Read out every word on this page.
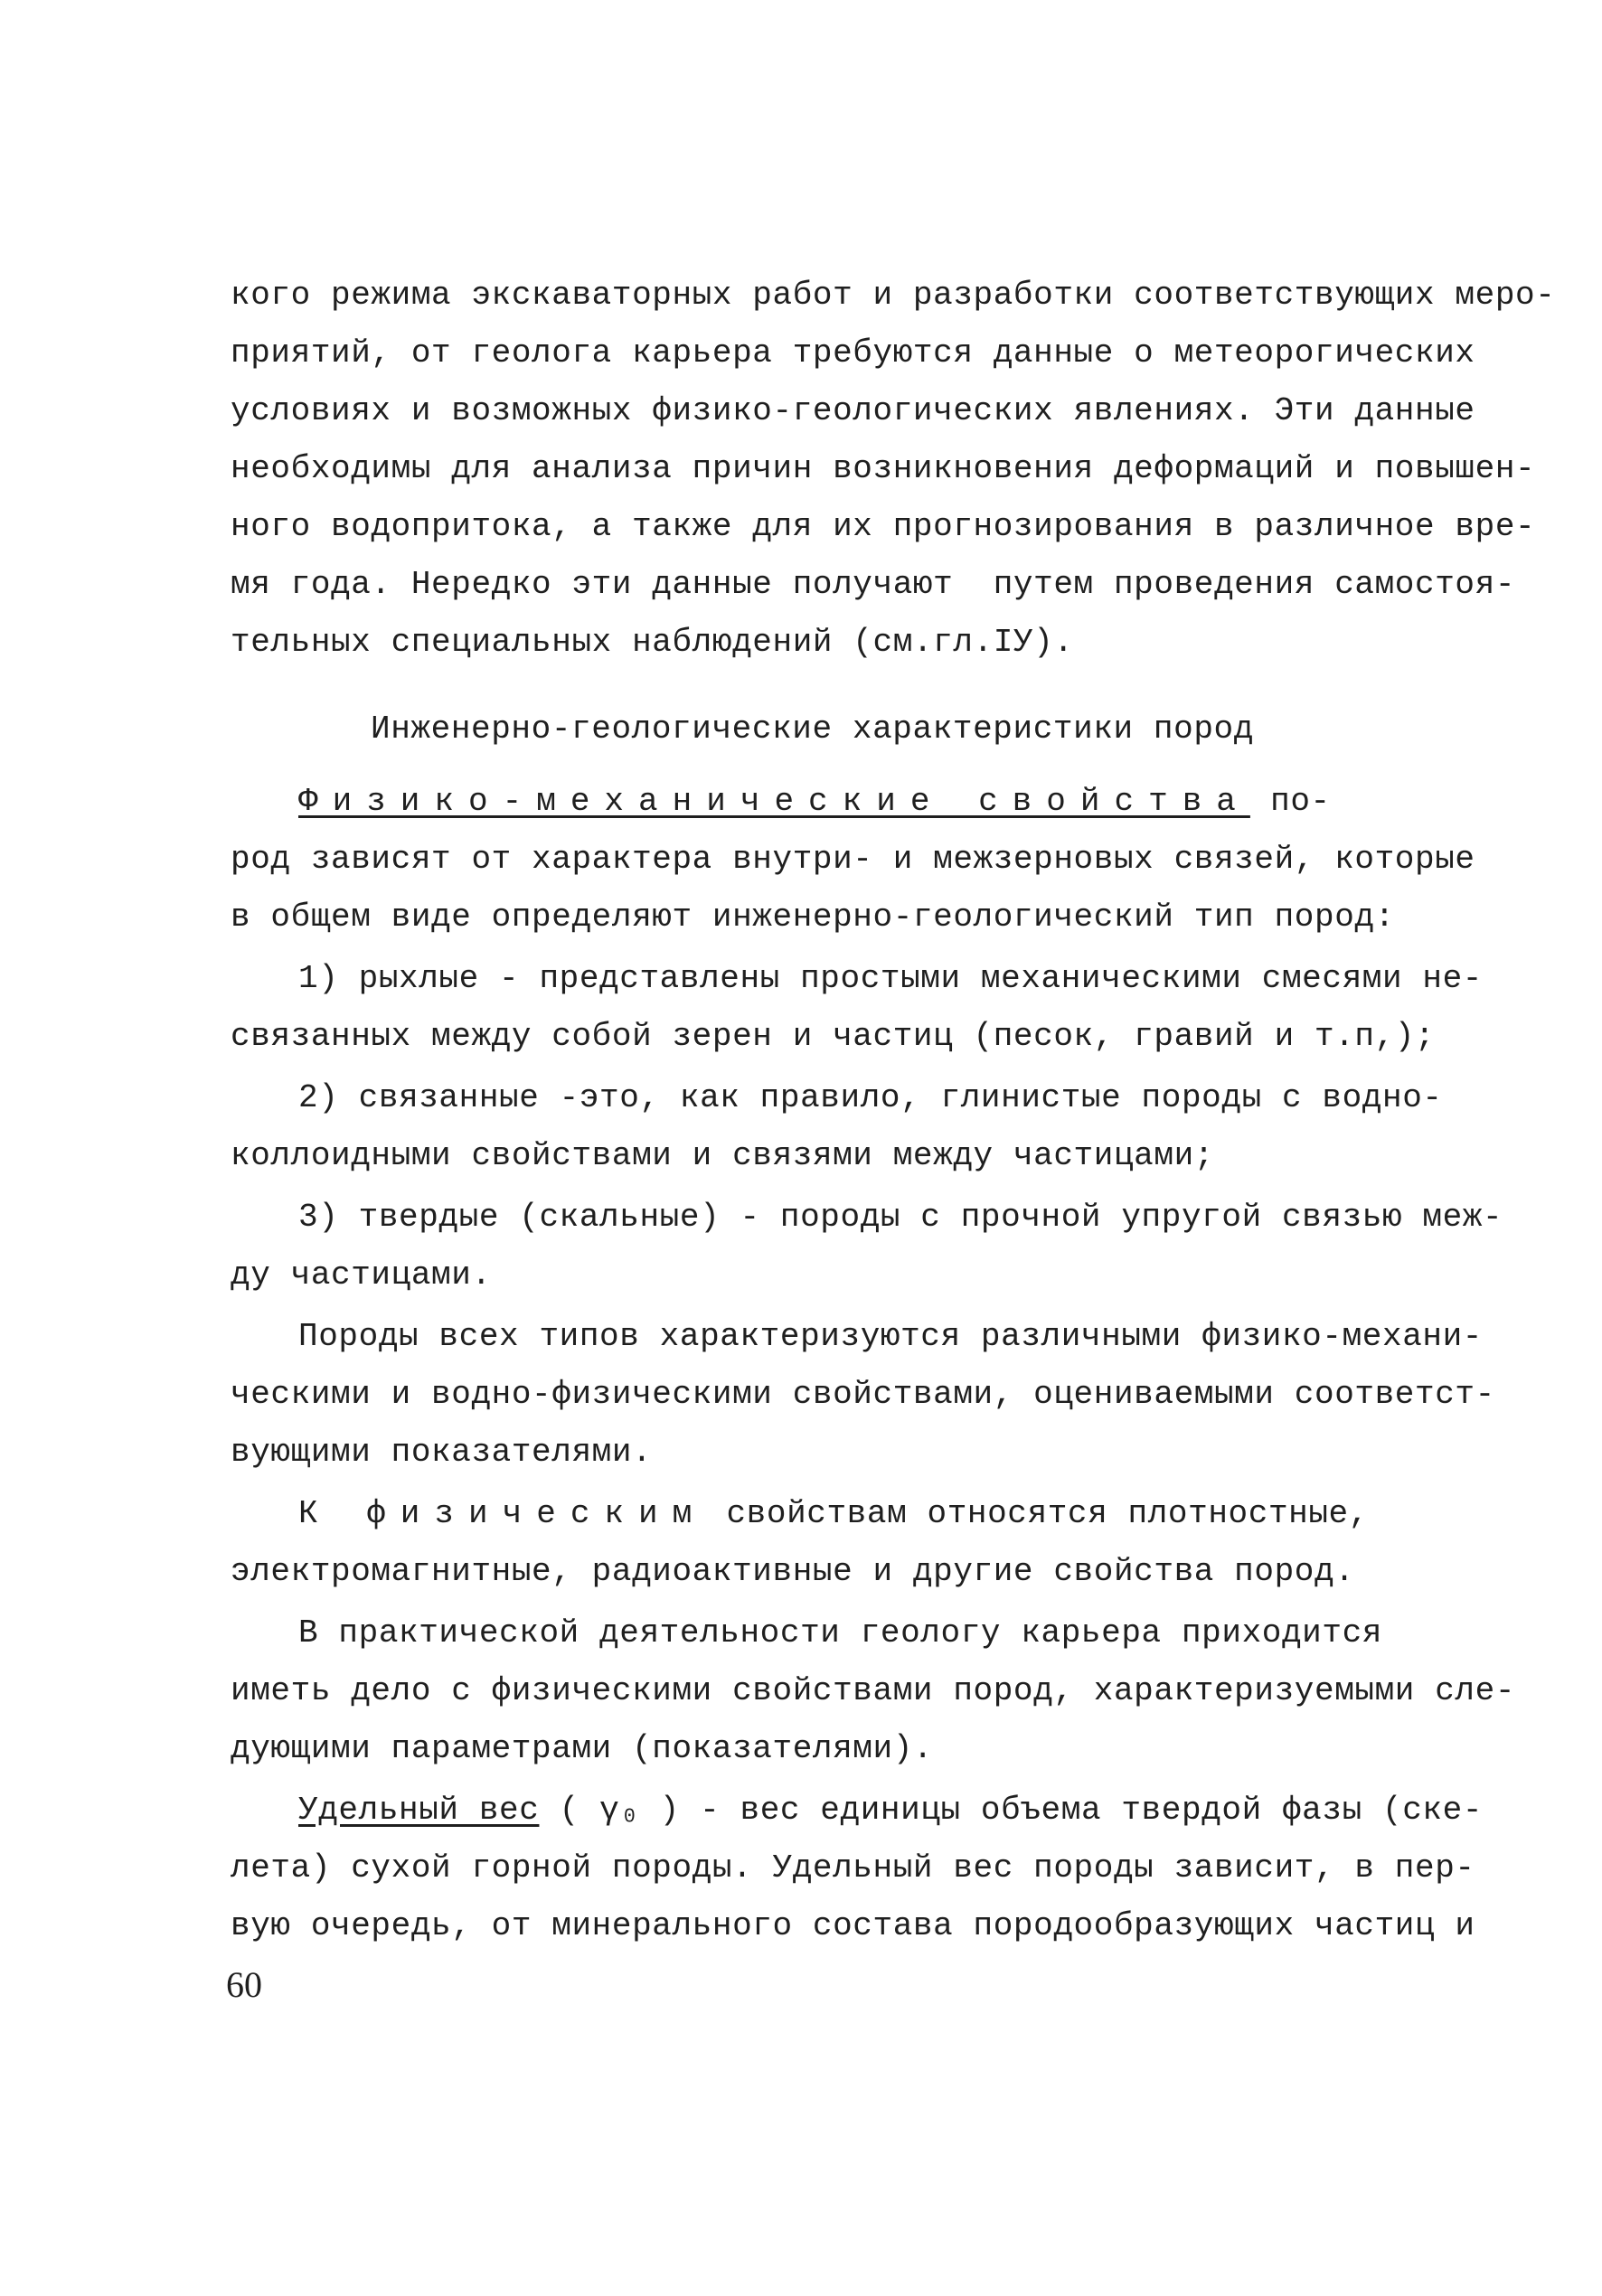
кого режима экскаваторных работ и разработки соответствующих меро-
приятий, от геолога карьера требуются данные о метеорогических
условиях и возможных физико-геологических явлениях. Эти данные
необходимы для анализа причин возникновения деформаций и повышен-
ного водопритока, а также для их прогнозирования в различное вре-
мя года. Нередко эти данные получают  путем проведения самостоя-
тельных специальных наблюдений (см.гл.IУ).
Инженерно-геологические характеристики пород
Физико-механические свойства по-
род зависят от характера внутри- и межзерновых связей, которые
в общем виде определяют инженерно-геологический тип пород:
1) рыхлые - представлены простыми механическими смесями не-
связанных между собой зерен и частиц (песок, гравий и т.п,);
2) связанные -это, как правило, глинистые породы с водно-
коллоидными свойствами и связями между частицами;
3) твердые (скальные) - породы с прочной упругой связью меж-
ду частицами.
Породы всех типов характеризуются различными физико-механи-
ческими и водно-физическими свойствами, оцениваемыми соответст-
вующими показателями.
К физическим свойствам относятся плотностные,
электромагнитные, радиоактивные и другие свойства пород.
В практической деятельности геологу карьера приходится
иметь дело с физическими свойствами пород, характеризуемыми сле-
дующими параметрами (показателями).
Удельный вес ( γ₀ ) - вес единицы объема твердой фазы (ске-
лета) сухой горной породы. Удельный вес породы зависит, в пер-
вую очередь, от минерального состава породообразующих частиц и
60
